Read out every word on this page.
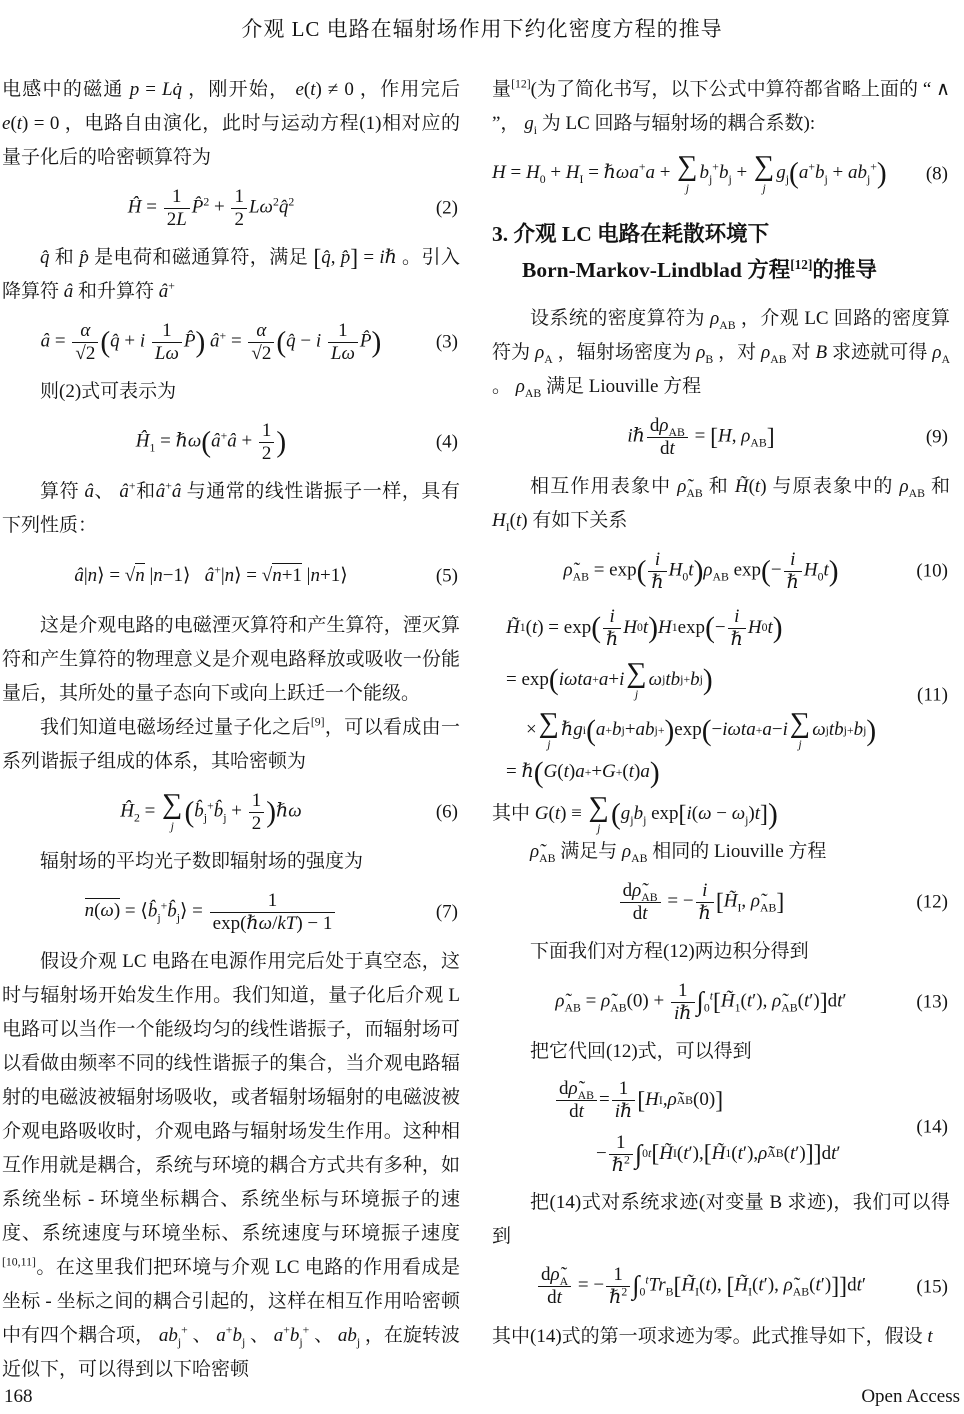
介观 LC 电路在辐射场作用下约化密度方程的推导

电感中的磁通 p = Lq̇ ，刚开始， e(t) ≠ 0 ，作用完后 e(t) = 0 ，电路自由演化，此时与运动方程(1)相对应的量子化后的哈密顿算符为

Ĥ = $\frac{1}{2L}$ P̂$^2$ + $\frac{1}{2}$ $L\omega^2q̂^2$	(2)

q̂ 和 p̂ 是电荷和磁通算符，满足 [q̂, p̂] = iℏ 。引入降算符 â 和升算符 â+

â = $\frac{\alpha}{√2}$ (q̂ + i $\frac{1}{L\omega}$ P̂) â+ = $\frac{\alpha}{√2}$ (q̂ − i $\frac{1}{L\omega}$ P̂)	(3)

则(2)式可表示为

$Ĥ_1$ = ℏω(â+â + $\frac{1}{2}$ )	(4)

算符 â、 â+和â+â 与通常的线性谐振子一样，具有下列性质：

â|n⟩ = √n |n−1⟩   â+|n⟩ = √n+1 |n+1⟩	(5)

这是介观电路的电磁湮灭算符和产生算符，湮灭算符和产生算符的物理意义是介观电路释放或吸收一份能量后，其所处的量子态向下或向上跃迁一个能级。

我们知道电磁场经过量子化之后[9]，可以看成由一系列谐振子组成的体系，其哈密顿为

$Ĥ_2$ = ∑
j ($b̂_j^+b̂_j + \frac{1}{2}$ )ℏω	(6)

辐射场的平均光子数即辐射场的强度为

$n(\omega) = ⟨b̂_j^+b̂_j⟩$ =
1
exp(ℏω/kT) − 1
(7)

假设介观 LC 电路在电源作用完后处于真空态，这时与辐射场开始发生作用。我们知道，量子化后介观 L 电路可以当作一个能级均匀的线性谐振子，而辐射场可以看做由频率不同的线性谐振子的集合，当介观电路辐射的电磁波被辐射场吸收，或者辐射场辐射的电磁波被介观电路吸收时，介观电路与辐射场发生作用。这种相互作用就是耦合，系统与环境的耦合方式共有多种，如系统坐标 - 环境坐标耦合、系统坐标与环境振子的速度、系统速度与环境坐标、系统速度与环境振子速度[10,11]。在这里我们把环境与介观 LC 电路的作用看成是坐标 - 坐标之间的耦合引起的，这样在相互作用哈密顿中有四个耦合项， $ab_j^+$ 、 $a^+b_j$ 、 $a^+b_j^+$ 、 $ab_j$ ，在旋转波近似下，可以得到以下哈密顿

量[12](为了简化书写，以下公式中算符都省略上面的 “ ∧ ”， $g_i$ 为 LC 回路与辐射场的耦合系数):

$H = H_0 + H_I$ = ℏωa+a + ∑
j
$b_j^+b_j$ + ∑
j
$g_j(a^+b_j + ab_j^+)$ (8)
3. 介观 LC 电路在耗散环境下
Born-Markov-Lindblad 方程[12]的推导

设系统的密度算符为 $\rho_{AB}$ ，介观 LC 回路的密度算符为 $\rho_A$ ，辐射场密度为 $\rho_B$ ，对 $\rho_{AB}$ 对 B 求迹就可得 $\rho_A$ 。 $\rho_{AB}$ 满足 Liouville 方程

iℏ
$d\rho_{AB}$
dt
= [H, $\rho_{AB}$]	(9)

相互作用表象中 $\rhõ_{AB}$ 和 H̃(t) 与原表象中的 $\rho_{AB}$ 和 $H_I(t)$ 有如下关系

$\rhõ_{AB} = \exp$( i
ℏ
$H_0t)\rho_{AB}$ exp(−
i
ℏ
$H_0t$)	(10)
H̃ 1 ( t ) = exp ( i
ℏ
H 0 t ) H 1 exp ( −
i
ℏ
H 0 t )
= exp ( iωta + a + i ∑
j
ω j tb j + b j )
× ∑
j
ℏ g i ( a + b j + ab j + ) exp ( − iωta + a − i ∑
j
ω j tb j + b j )
= ℏ ( G ( t ) a + + G + ( t ) a )
(11)

其中 G(t) ≡ ∑
j ($g_jb_j$ $\exp[i(\omega - \omega_j)t]$)

$\rhõ_{AB}$ 满足与 $\rho_{AB}$ 相同的 Liouville 方程

$\frac{d\rhõ_{AB}}{dt}$ = −
i
ℏ [$H̃_I$, $\rhõ_{AB}$]	(12)

下面我们对方程(12)两边积分得到

$\rhõ_{AB}$ = $\rhõ_{AB}(0)$ +
1
iℏ $\int_0^t[H̃_1(t')$, $\rhõ_{AB}(t')]dt'$	(13)

把它代回(12)式，可以得到

$d\rhõ_{AB}$
dt
=
1
iℏ [ H I , ρ̃ AB (0) ]
−
1
ℏ$^2$ ∫ 0 t [ H̃ I ( t ′), [ H̃ 1 ( t ′), ρ̃ AB ( t ′) ] ] d t ′
(14)

把(14)式对系统求迹(对变量 B 求迹)，我们可以得到

$\frac{d\rhõ_A}{dt}$ = −
1
ℏ$^2$ $\int_0^tTr_B[H̃_I(t)$, [$H̃_I(t')$, $\rhõ_{AB}(t')]]dt'$	(15)

其中(14)式的第一项求迹为零。此式推导如下，假设 t

168	Open Access
